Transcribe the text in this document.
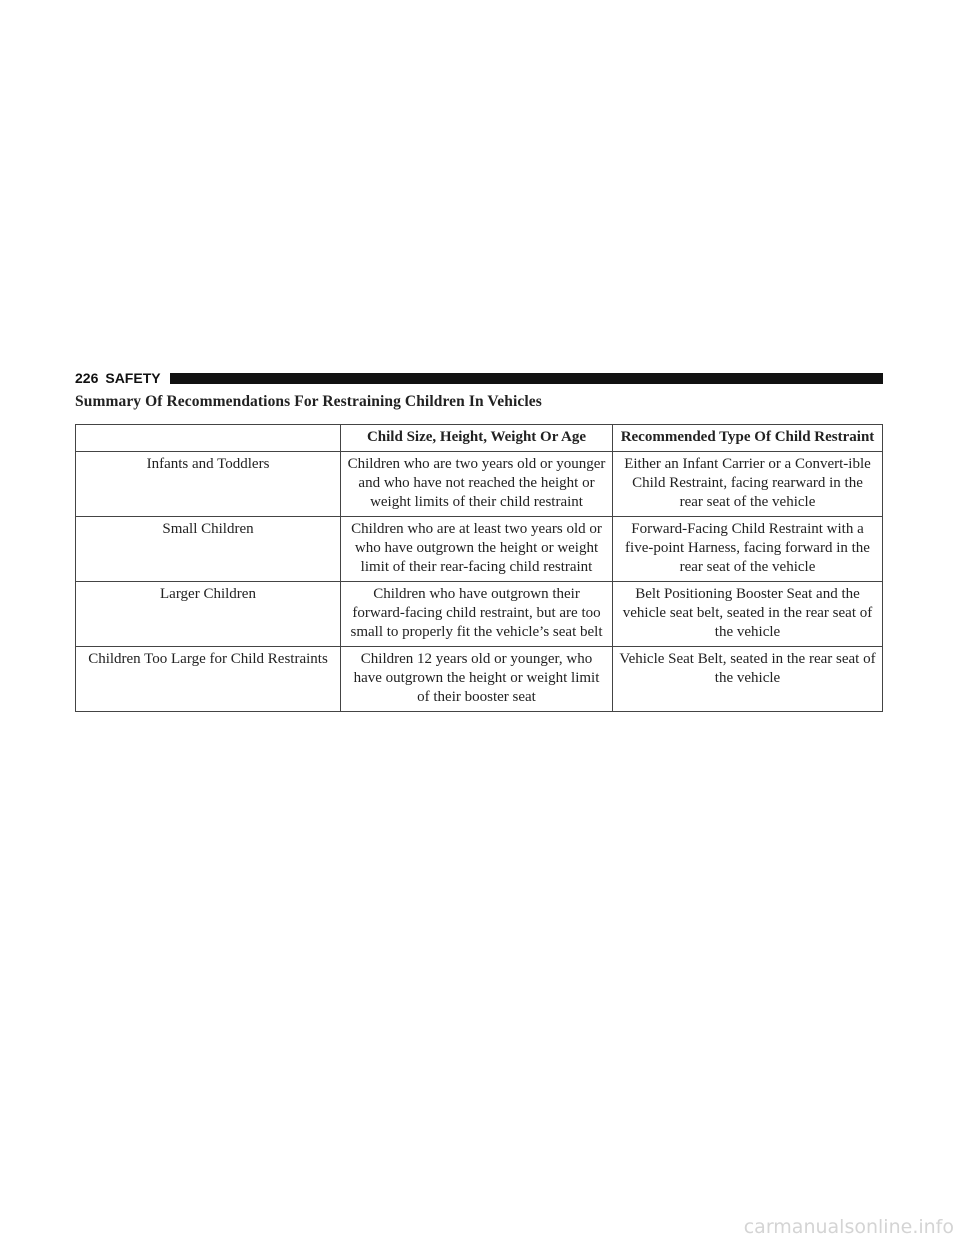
226 SAFETY
Summary Of Recommendations For Restraining Children In Vehicles
	Child Size, Height, Weight Or Age	Recommended Type Of Child Restraint
Infants and Toddlers	Children who are two years old or younger and who have not reached the height or weight limits of their child restraint	Either an Infant Carrier or a Convert-ible Child Restraint, facing rearward in the rear seat of the vehicle
Small Children	Children who are at least two years old or who have outgrown the height or weight limit of their rear-facing child restraint	Forward-Facing Child Restraint with a five-point Harness, facing forward in the rear seat of the vehicle
Larger Children	Children who have outgrown their forward-facing child restraint, but are too small to properly fit the vehicle’s seat belt	Belt Positioning Booster Seat and the vehicle seat belt, seated in the rear seat of the vehicle
Children Too Large for Child Restraints	Children 12 years old or younger, who have outgrown the height or weight limit of their booster seat	Vehicle Seat Belt, seated in the rear seat of the vehicle
carmanualsonline.info
